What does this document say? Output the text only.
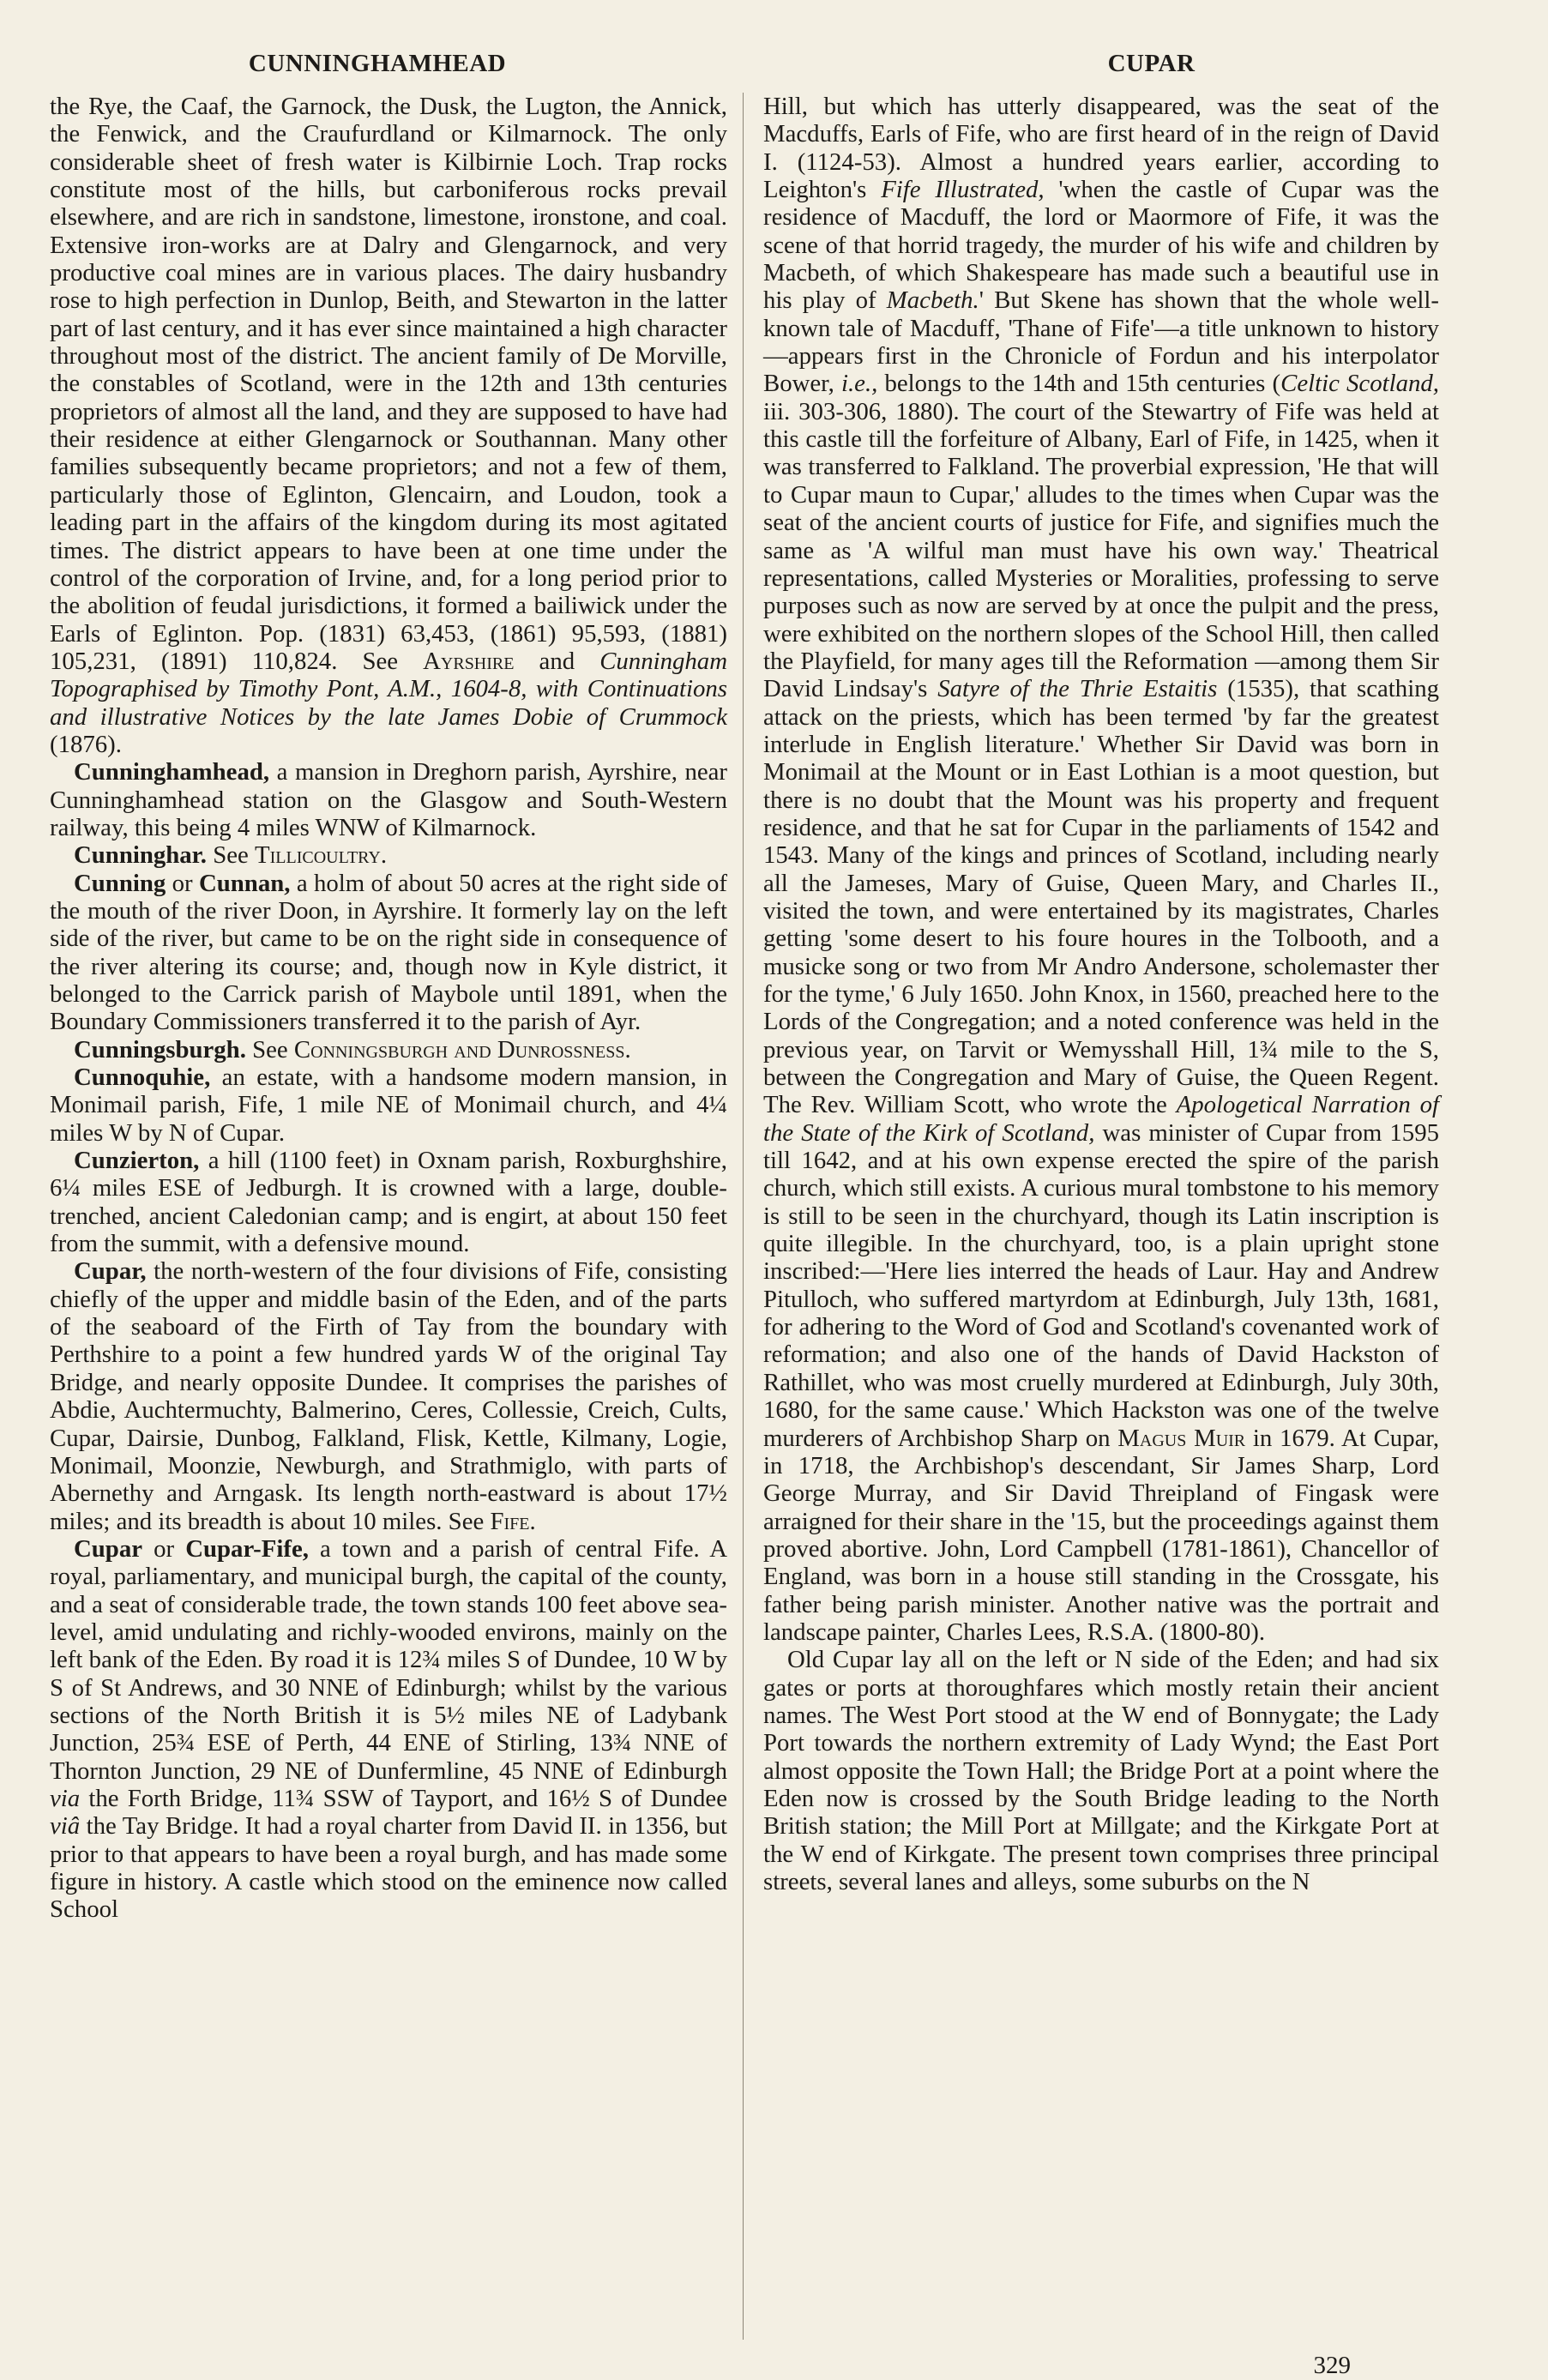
CUNNINGHAMHEAD	CUPAR

the Rye, the Caaf, the Garnock, the Dusk, the Lugton, the Annick, the Fenwick, and the Craufurdland or Kilmarnock. The only considerable sheet of fresh water is Kilbirnie Loch. Trap rocks constitute most of the hills, but carboniferous rocks prevail elsewhere, and are rich in sandstone, limestone, ironstone, and coal. Extensive iron-works are at Dalry and Glengarnock, and very productive coal mines are in various places. The dairy husbandry rose to high perfection in Dunlop, Beith, and Stewarton in the latter part of last century, and it has ever since maintained a high character throughout most of the district. The ancient family of De Morville, the constables of Scotland, were in the 12th and 13th centuries proprietors of almost all the land, and they are supposed to have had their residence at either Glengarnock or Southannan. Many other families subsequently became proprietors; and not a few of them, particularly those of Eglinton, Glencairn, and Loudon, took a leading part in the affairs of the kingdom during its most agitated times. The district appears to have been at one time under the control of the corporation of Irvine, and, for a long period prior to the abolition of feudal jurisdictions, it formed a bailiwick under the Earls of Eglinton. Pop. (1831) 63,453, (1861) 95,593, (1881) 105,231, (1891) 110,824. See Ayrshire and Cunningham Topographised by Timothy Pont, A.M., 1604-8, with Continuations and illustrative Notices by the late James Dobie of Crummock (1876).

Cunninghamhead, a mansion in Dreghorn parish, Ayrshire, near Cunninghamhead station on the Glasgow and South-Western railway, this being 4 miles WNW of Kilmarnock.

Cunninghar. See Tillicoultry.

Cunning or Cunnan, a holm of about 50 acres at the right side of the mouth of the river Doon, in Ayrshire. It formerly lay on the left side of the river, but came to be on the right side in consequence of the river altering its course; and, though now in Kyle district, it belonged to the Carrick parish of Maybole until 1891, when the Boundary Commissioners transferred it to the parish of Ayr.

Cunningsburgh. See Conningsburgh and Dunrossness.

Cunnoquhie, an estate, with a handsome modern mansion, in Monimail parish, Fife, 1 mile NE of Monimail church, and 4¼ miles W by N of Cupar.

Cunzierton, a hill (1100 feet) in Oxnam parish, Roxburghshire, 6¼ miles ESE of Jedburgh. It is crowned with a large, double-trenched, ancient Caledonian camp; and is engirt, at about 150 feet from the summit, with a defensive mound.

Cupar, the north-western of the four divisions of Fife, consisting chiefly of the upper and middle basin of the Eden, and of the parts of the seaboard of the Firth of Tay from the boundary with Perthshire to a point a few hundred yards W of the original Tay Bridge, and nearly opposite Dundee. It comprises the parishes of Abdie, Auchtermuchty, Balmerino, Ceres, Collessie, Creich, Cults, Cupar, Dairsie, Dunbog, Falkland, Flisk, Kettle, Kilmany, Logie, Monimail, Moonzie, Newburgh, and Strathmiglo, with parts of Abernethy and Arngask. Its length north-eastward is about 17½ miles; and its breadth is about 10 miles. See Fife.

Cupar or Cupar-Fife, a town and a parish of central Fife. A royal, parliamentary, and municipal burgh, the capital of the county, and a seat of considerable trade, the town stands 100 feet above sea-level, amid undulating and richly-wooded environs, mainly on the left bank of the Eden. By road it is 12¾ miles S of Dundee, 10 W by S of St Andrews, and 30 NNE of Edinburgh; whilst by the various sections of the North British it is 5½ miles NE of Ladybank Junction, 25¾ ESE of Perth, 44 ENE of Stirling, 13¾ NNE of Thornton Junction, 29 NE of Dunfermline, 45 NNE of Edinburgh via the Forth Bridge, 11¾ SSW of Tayport, and 16½ S of Dundee viâ the Tay Bridge. It had a royal charter from David II. in 1356, but prior to that appears to have been a royal burgh, and has made some figure in history. A castle which stood on the eminence now called School

Hill, but which has utterly disappeared, was the seat of the Macduffs, Earls of Fife, who are first heard of in the reign of David I. (1124-53). Almost a hundred years earlier, according to Leighton's Fife Illustrated, 'when the castle of Cupar was the residence of Macduff, the lord or Maormore of Fife, it was the scene of that horrid tragedy, the murder of his wife and children by Macbeth, of which Shakespeare has made such a beautiful use in his play of Macbeth.' But Skene has shown that the whole well-known tale of Macduff, 'Thane of Fife'—a title unknown to history—appears first in the Chronicle of Fordun and his interpolator Bower, i.e., belongs to the 14th and 15th centuries (Celtic Scotland, iii. 303-306, 1880). The court of the Stewartry of Fife was held at this castle till the forfeiture of Albany, Earl of Fife, in 1425, when it was transferred to Falkland. The proverbial expression, 'He that will to Cupar maun to Cupar,' alludes to the times when Cupar was the seat of the ancient courts of justice for Fife, and signifies much the same as 'A wilful man must have his own way.' Theatrical representations, called Mysteries or Moralities, professing to serve purposes such as now are served by at once the pulpit and the press, were exhibited on the northern slopes of the School Hill, then called the Playfield, for many ages till the Reformation —among them Sir David Lindsay's Satyre of the Thrie Estaitis (1535), that scathing attack on the priests, which has been termed 'by far the greatest interlude in English literature.' Whether Sir David was born in Monimail at the Mount or in East Lothian is a moot question, but there is no doubt that the Mount was his property and frequent residence, and that he sat for Cupar in the parliaments of 1542 and 1543. Many of the kings and princes of Scotland, including nearly all the Jameses, Mary of Guise, Queen Mary, and Charles II., visited the town, and were entertained by its magistrates, Charles getting 'some desert to his foure houres in the Tolbooth, and a musicke song or two from Mr Andro Andersone, scholemaster ther for the tyme,' 6 July 1650. John Knox, in 1560, preached here to the Lords of the Congregation; and a noted conference was held in the previous year, on Tarvit or Wemysshall Hill, 1¾ mile to the S, between the Congregation and Mary of Guise, the Queen Regent. The Rev. William Scott, who wrote the Apologetical Narration of the State of the Kirk of Scotland, was minister of Cupar from 1595 till 1642, and at his own expense erected the spire of the parish church, which still exists. A curious mural tombstone to his memory is still to be seen in the churchyard, though its Latin inscription is quite illegible. In the churchyard, too, is a plain upright stone inscribed:—'Here lies interred the heads of Laur. Hay and Andrew Pitulloch, who suffered martyrdom at Edinburgh, July 13th, 1681, for adhering to the Word of God and Scotland's covenanted work of reformation; and also one of the hands of David Hackston of Rathillet, who was most cruelly murdered at Edinburgh, July 30th, 1680, for the same cause.' Which Hackston was one of the twelve murderers of Archbishop Sharp on Magus Muir in 1679. At Cupar, in 1718, the Archbishop's descendant, Sir James Sharp, Lord George Murray, and Sir David Threipland of Fingask were arraigned for their share in the '15, but the proceedings against them proved abortive. John, Lord Campbell (1781-1861), Chancellor of England, was born in a house still standing in the Crossgate, his father being parish minister. Another native was the portrait and landscape painter, Charles Lees, R.S.A. (1800-80).

Old Cupar lay all on the left or N side of the Eden; and had six gates or ports at thoroughfares which mostly retain their ancient names. The West Port stood at the W end of Bonnygate; the Lady Port towards the northern extremity of Lady Wynd; the East Port almost opposite the Town Hall; the Bridge Port at a point where the Eden now is crossed by the South Bridge leading to the North British station; the Mill Port at Millgate; and the Kirkgate Port at the W end of Kirkgate. The present town comprises three principal streets, several lanes and alleys, some suburbs on the N

329
